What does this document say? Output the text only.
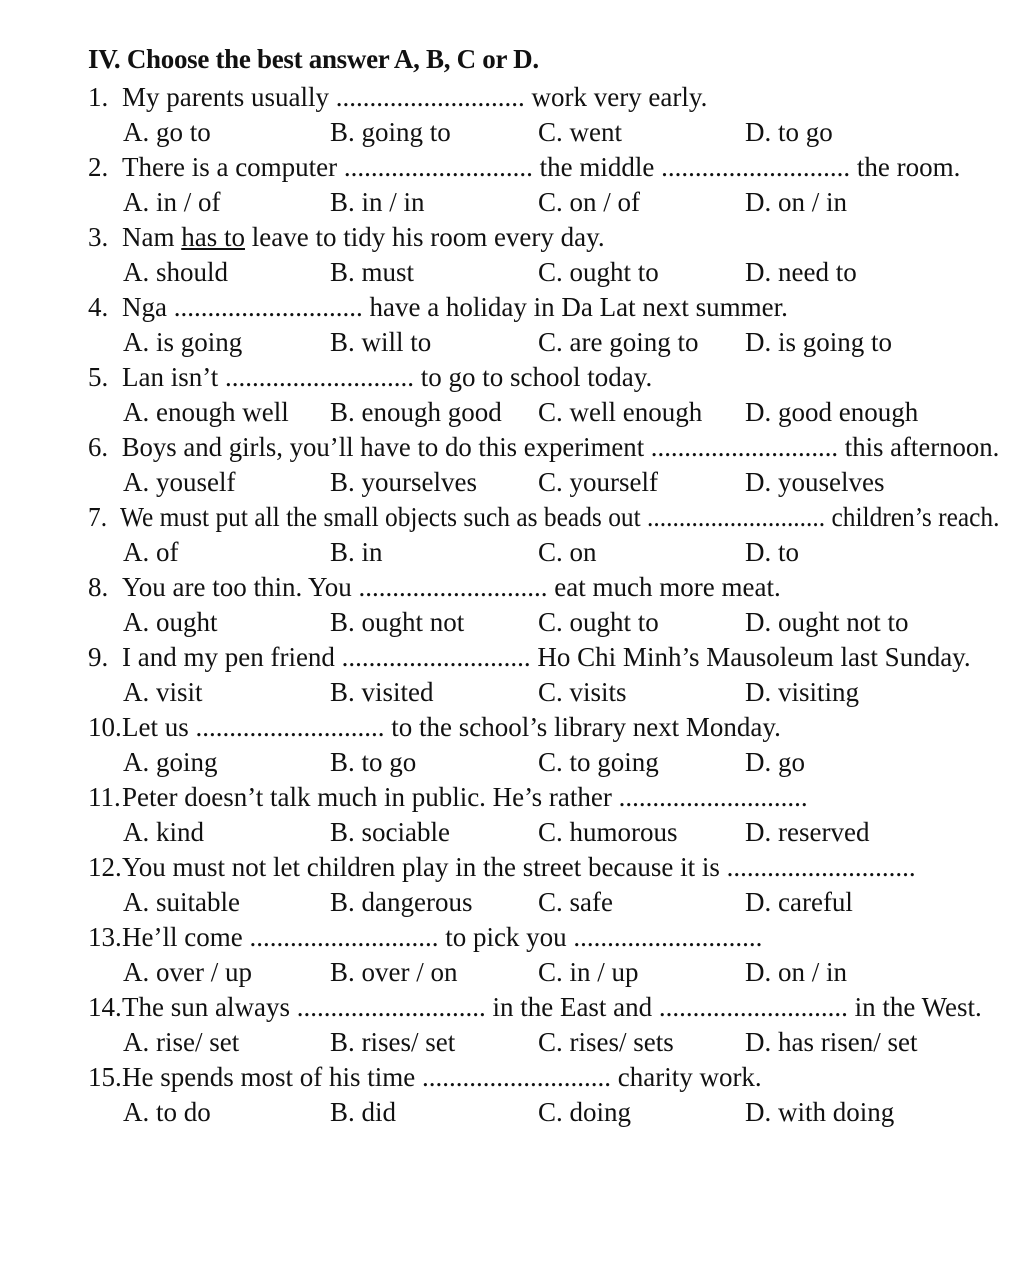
IV. Choose the best answer A, B, C or D.
1. My parents usually ............................ work very early.
A. go to	B. going to	C. went	D. to go
2. There is a computer ............................ the middle ............................ the room.
A. in / of	B. in / in	C. on / of	D. on / in
3. Nam has to leave to tidy his room every day.
A. should	B. must	C. ought to	D. need to
4. Nga ............................ have a holiday in Da Lat next summer.
A. is going	B. will to	C. are going to D. is going to
5. Lan isn’t ............................ to go to school today.
A. enough well B. enough good C. well enough D. good enough
6. Boys and girls, you’ll have to do this experiment ............................ this afternoon.
A. youself	B. yourselves C. yourself	D. youselves
7. We must put all the small objects such as beads out ............................ children’s reach.
A. of	B. in	C. on	D. to
8. You are too thin. You ............................ eat much more meat.
A. ought	B. ought not	C. ought to	D. ought not to
9. I and my pen friend ............................ Ho Chi Minh’s Mausoleum last Sunday.
A. visit	B. visited	C. visits	D. visiting
10.Let us ............................ to the school’s library next Monday.
A. going	B. to go	C. to going	D. go
11.Peter doesn’t talk much in public. He’s rather ............................
A. kind	B. sociable	C. humorous D. reserved
12.You must not let children play in the street because it is ............................
A. suitable	B. dangerous C. safe	D. careful
13.He’ll come ............................ to pick you ............................
A. over / up	B. over / on	C. in / up	D. on / in
14.The sun always ............................ in the East and ............................ in the West.
A. rise/ set	B. rises/ set	C. rises/ sets	D. has risen/ set
15.He spends most of his time ............................ charity work.
A. to do	B. did	C. doing	D. with doing
